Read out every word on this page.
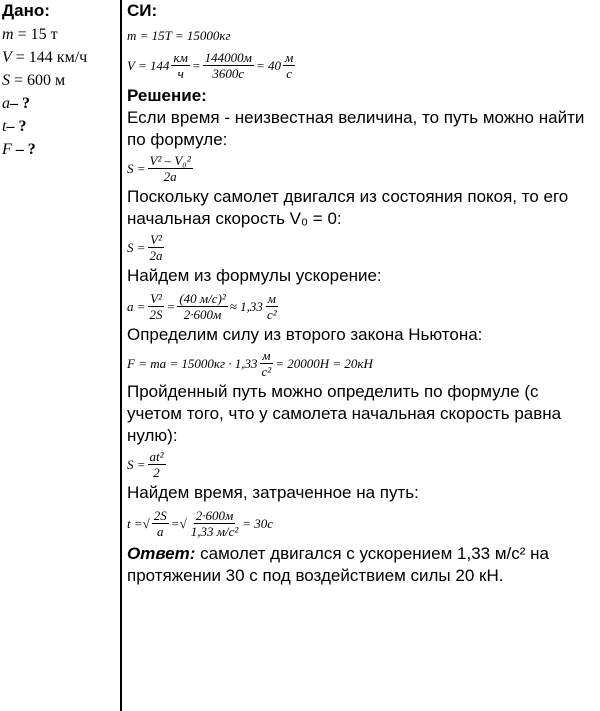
Дано:
m = 15 т
V = 144 км/ч
S = 600 м
a– ?
t– ?
F – ?
СИ:
m = 15T = 15000кг
$V = 144 \frac{км}{ч} = \frac{144000м}{3600с} = 40 \frac{м}{с}$
Решение:
Если время - неизвестная величина, то путь можно найти по формуле:
$S = \frac{\text{V² – V₀²}}{2a}$
Поскольку самолет двигался из состояния покоя, то его начальная скорость V₀ = 0:
$S = \frac{\text{V²}}{2a}$
Найдем из формулы ускорение:
$a = \frac{\text{V²}}{2S} = \frac{\text{(40 м/с)²}}{2\cdot 600м} \approx 1,33 \frac{м}{\text{с²}}$
Определим силу из второго закона Ньютона:
F = ma = $15000кг \cdot 1,33 \frac{м}{\text{с²}} = 20000Н = 20кН$
Пройденный путь можно определить по формуле (с учетом того, что у самолета начальная скорость равна нулю):
$S = \frac{\text{at²}}{2}$
Найдем время, затраченное на путь:
t = √ $\frac{2S}{a}$ = √ $\frac{2\cdot 600м}{\text{1,33 м/с²}} = 30с$
Ответ: самолет двигался с ускорением 1,33 м/с² на протяжении 30 с под воздействием силы 20 кН.
